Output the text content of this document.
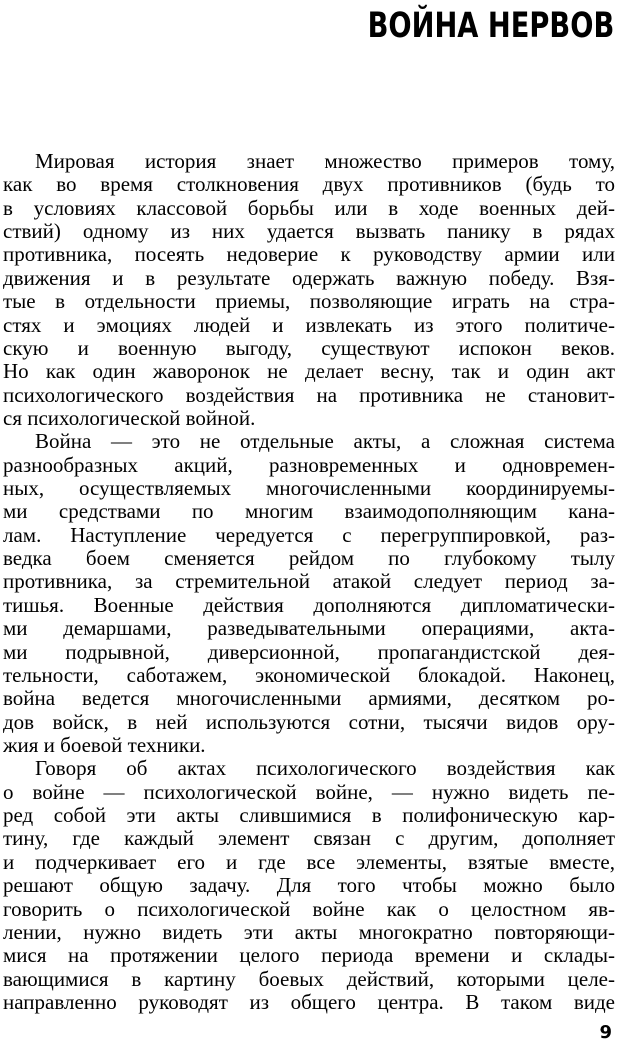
ВОЙНА НЕРВОВ
Мировая история знает множество примеров тому,
как во время столкновения двух противников (будь то
в условиях классовой борьбы или в ходе военных дей-
ствий) одному из них удается вызвать панику в рядах
противника, посеять недоверие к руководству армии или
движения и в результате одержать важную победу. Взя-
тые в отдельности приемы, позволяющие играть на стра-
стях и эмоциях людей и извлекать из этого политиче-
скую и военную выгоду, существуют испокон веков.
Но как один жаворонок не делает весну, так и один акт
психологического воздействия на противника не становит-
ся психологической войной.
Война — это не отдельные акты, а сложная система
разнообразных акций, разновременных и одновремен-
ных, осуществляемых многочисленными координируемы-
ми средствами по многим взаимодополняющим кана-
лам. Наступление чередуется с перегруппировкой, раз-
ведка боем сменяется рейдом по глубокому тылу
противника, за стремительной атакой следует период за-
тишья. Военные действия дополняются дипломатически-
ми демаршами, разведывательными операциями, акта-
ми подрывной, диверсионной, пропагандистской дея-
тельности, саботажем, экономической блокадой. Наконец,
война ведется многочисленными армиями, десятком ро-
дов войск, в ней используются сотни, тысячи видов ору-
жия и боевой техники.
Говоря об актах психологического воздействия как
о войне — психологической войне, — нужно видеть пе-
ред собой эти акты слившимися в полифоническую кар-
тину, где каждый элемент связан с другим, дополняет
и подчеркивает его и где все элементы, взятые вместе,
решают общую задачу. Для того чтобы можно было
говорить о психологической войне как о целостном яв-
лении, нужно видеть эти акты многократно повторяющи-
мися на протяжении целого периода времени и склады-
вающимися в картину боевых действий, которыми целе-
направленно руководят из общего центра. В таком виде
9
